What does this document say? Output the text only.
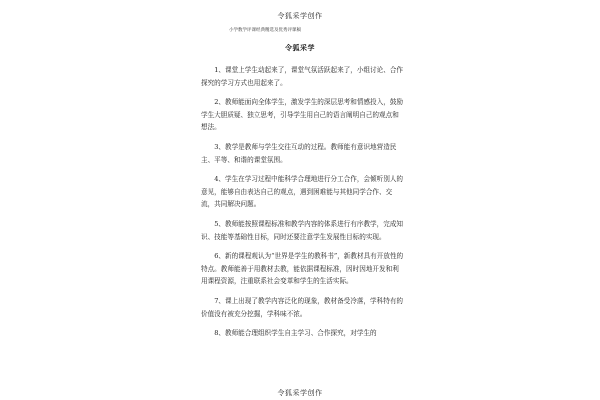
令狐采学创作
小学数学评课经典精选及优秀评课稿
令狐采学

1、课堂上学生动起来了，课堂气氛活跃起来了，小组讨论、合作探究的学习方式也用起来了。

2、教师能面向全体学生，激发学生的深层思考和情感投入，鼓励学生大胆质疑、独立思考，引导学生用自己的语言阐明自己的观点和想法。

3、教学是教师与学生交往互动的过程。教师能有意识地营造民主、平等、和谐的课堂氛围。

4、学生在学习过程中能科学合理地进行分工合作，会倾听别人的意见，能够自由表达自己的观点，遇到困难能与其他同学合作、交流，共同解决问题。

5、教师能按照课程标准和教学内容的体系进行有序教学，完成知识、技能等基础性目标，同时还要注意学生发展性目标的实现。

6、新的课程观认为“世界是学生的教科书”，新教材具有开放性的特点。教师能善于用教材去教，能依据课程标准，因时因地开发和利用课程资源，注重联系社会变革和学生的生活实际。

7、课上出现了教学内容泛化的现象，教材备受冷落，学科特有的价值没有被充分挖掘，学科味不浓。

8、教师能合理组织学生自主学习、合作探究，对学生的

令狐采学创作
